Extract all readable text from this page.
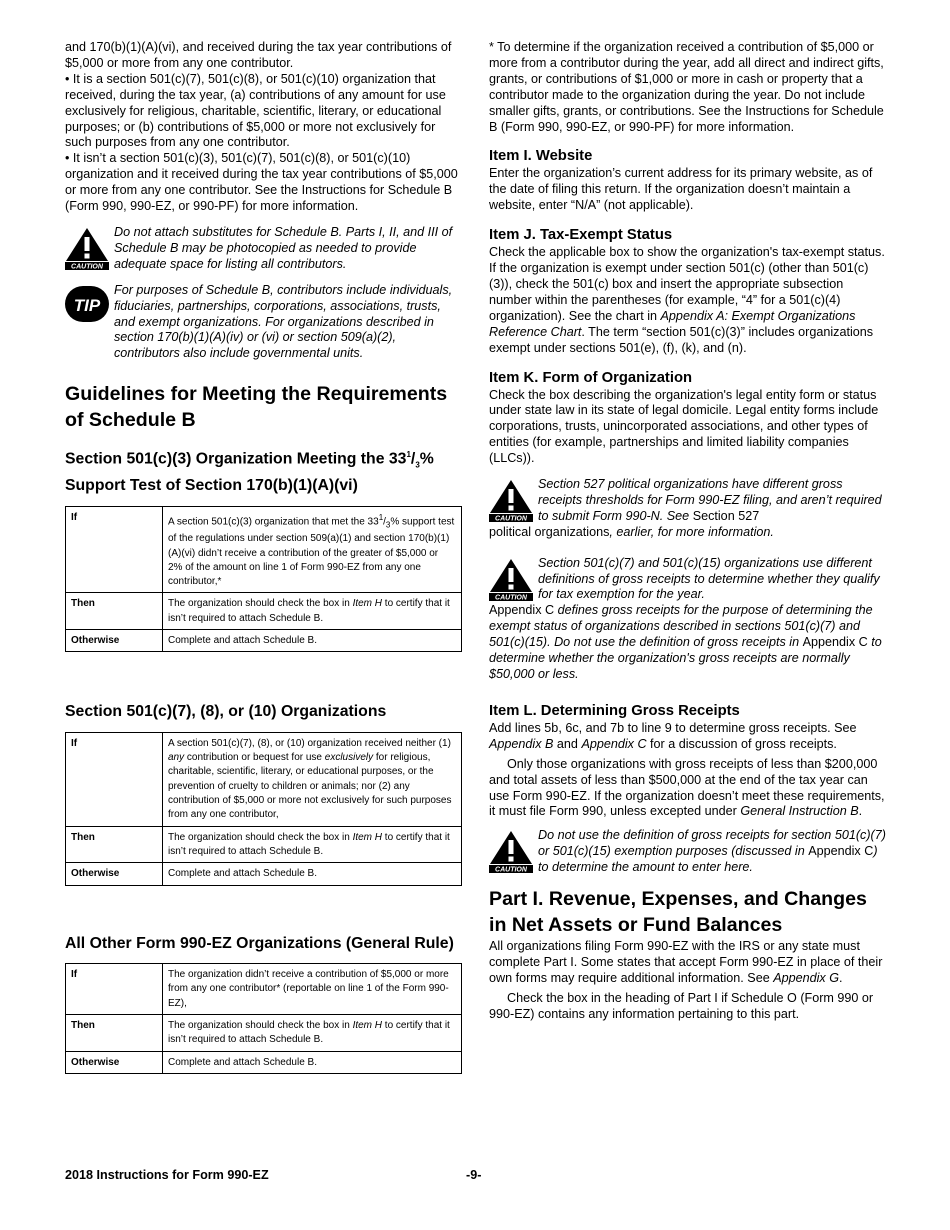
and 170(b)(1)(A)(vi), and received during the tax year contributions of $5,000 or more from any one contributor.

• It is a section 501(c)(7), 501(c)(8), or 501(c)(10) organization that received, during the tax year, (a) contributions of any amount for use exclusively for religious, charitable, scientific, literary, or educational purposes; or (b) contributions of $5,000 or more not exclusively for such purposes from any one contributor.

• It isn’t a section 501(c)(3), 501(c)(7), 501(c)(8), or 501(c)(10) organization and it received during the tax year contributions of $5,000 or more from any one contributor. See the Instructions for Schedule B (Form 990, 990-EZ, or 990-PF) for more information.

CAUTION
Do not attach substitutes for Schedule B. Parts I, II, and III of Schedule B may be photocopied as needed to provide adequate space for listing all contributors.
TIP
For purposes of Schedule B, contributors include individuals, fiduciaries, partnerships, corporations, associations, trusts, and exempt organizations. For organizations described in section 170(b)(1)(A)(iv) or (vi) or section 509(a)(2), contributors also include governmental units.
Guidelines for Meeting the Requirements of Schedule B
Section 501(c)(3) Organization Meeting the $33^1/_3\%$ Support Test of Section 170(b)(1)(A)(vi)
If	A section 501(c)(3) organization that met the $33^1/_3\%$ support test of the regulations under section 509(a)(1) and section 170(b)(1)(A)(vi) didn’t receive a contribution of the greater of $5,000 or 2% of the amount on line 1 of Form 990-EZ from any one contributor,*
Then	The organization should check the box in Item H to certify that it isn’t required to attach Schedule B.
Otherwise	Complete and attach Schedule B.
Section 501(c)(7), (8), or (10) Organizations
If	A section 501(c)(7), (8), or (10) organization received neither (1) any contribution or bequest for use exclusively for religious, charitable, scientific, literary, or educational purposes, or the prevention of cruelty to children or animals; nor (2) any contribution of $5,000 or more not exclusively for such purposes from any one contributor,
Then	The organization should check the box in Item H to certify that it isn’t required to attach Schedule B.
Otherwise	Complete and attach Schedule B.
All Other Form 990-EZ Organizations (General Rule)
If	The organization didn’t receive a contribution of $5,000 or more from any one contributor* (reportable on line 1 of the Form 990-EZ),
Then	The organization should check the box in Item H to certify that it isn’t required to attach Schedule B.
Otherwise	Complete and attach Schedule B.

* To determine if the organization received a contribution of $5,000 or more from a contributor during the year, add all direct and indirect gifts, grants, or contributions of $1,000 or more in cash or property that a contributor made to the organization during the year. Do not include smaller gifts, grants, or contributions. See the Instructions for Schedule B (Form 990, 990-EZ, or 990-PF) for more information.

Item I. Website

Enter the organization’s current address for its primary website, as of the date of filing this return. If the organization doesn’t maintain a website, enter “N/A” (not applicable).

Item J. Tax-Exempt Status

Check the applicable box to show the organization's tax-exempt status. If the organization is exempt under section 501(c) (other than 501(c)(3)), check the 501(c) box and insert the appropriate subsection number within the parentheses (for example, “4” for a 501(c)(4) organization). See the chart in Appendix A: Exempt Organizations Reference Chart. The term “section 501(c)(3)” includes organizations exempt under sections 501(e), (f), (k), and (n).

Item K. Form of Organization

Check the box describing the organization's legal entity form or status under state law in its state of legal domicile. Legal entity forms include corporations, trusts, unincorporated associations, and other types of entities (for example, partnerships and limited liability companies (LLCs)).

CAUTION
Section 527 political organizations have different gross receipts thresholds for Form 990-EZ filing, and aren’t required to submit Form 990-N. See Section 527
political organizations, earlier, for more information.
CAUTION
Section 501(c)(7) and 501(c)(15) organizations use different definitions of gross receipts to determine whether they qualify for tax exemption for the year.
Appendix C defines gross receipts for the purpose of determining the exempt status of organizations described in sections 501(c)(7) and 501(c)(15). Do not use the definition of gross receipts in Appendix C to determine whether the organization's gross receipts are normally $50,000 or less.
Item L. Determining Gross Receipts

Add lines 5b, 6c, and 7b to line 9 to determine gross receipts. See Appendix B and Appendix C for a discussion of gross receipts.

Only those organizations with gross receipts of less than $200,000 and total assets of less than $500,000 at the end of the tax year can use Form 990-EZ. If the organization doesn’t meet these requirements, it must file Form 990, unless excepted under General Instruction B.

CAUTION
Do not use the definition of gross receipts for section 501(c)(7) or 501(c)(15) exemption purposes (discussed in Appendix C) to determine the amount to enter here.
Part I. Revenue, Expenses, and Changes in Net Assets or Fund Balances

All organizations filing Form 990-EZ with the IRS or any state must complete Part I. Some states that accept Form 990-EZ in place of their own forms may require additional information. See Appendix G.

Check the box in the heading of Part I if Schedule O (Form 990 or 990-EZ) contains any information pertaining to this part.

2018 Instructions for Form 990-EZ	-9-
